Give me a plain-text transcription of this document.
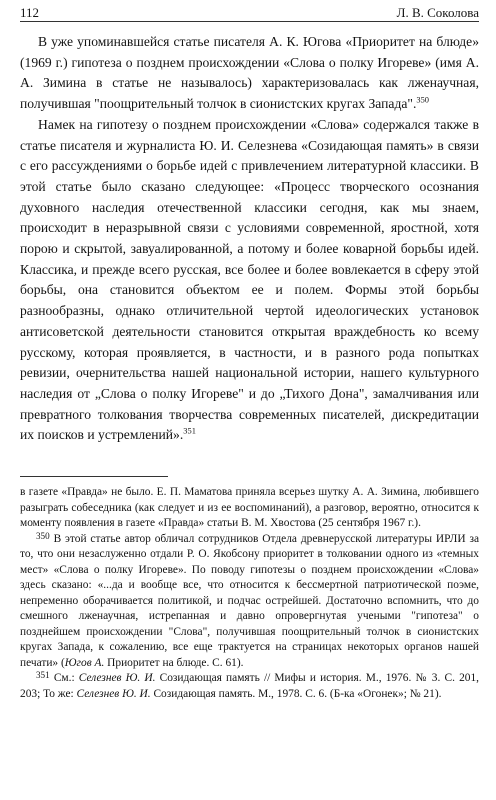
112	Л. В. Соколова

В уже упоминавшейся статье писателя А. К. Югова «Приоритет на блюде» (1969 г.) гипотеза о позднем происхождении «Слова о полку Игореве» (имя А. А. Зимина в статье не называлось) характеризовалась как лженаучная, получившая "поощрительный толчок в сионистских кругах Запада".$^{350}$

Намек на гипотезу о позднем происхождении «Слова» содержался также в статье писателя и журналиста Ю. И. Селезнева «Созидающая память» в связи с его рассуждениями о борьбе идей с привлечением литературной классики. В этой статье было сказано следующее: «Процесс творческого осознания духовного наследия отечественной классики сегодня, как мы знаем, происходит в неразрывной связи с условиями современной, яростной, хотя порою и скрытой, завуалированной, а потому и более коварной борьбы идей. Классика, и прежде всего русская, все более и более вовлекается в сферу этой борьбы, она становится объектом ее и полем. Формы этой борьбы разнообразны, однако отличительной чертой идеологических установок антисоветской деятельности становится открытая враждебность ко всему русскому, которая проявляется, в частности, и в разного рода попытках ревизии, очернительства нашей национальной истории, нашего культурного наследия от „Слова о полку Игореве" и до „Тихого Дона", замалчивания или превратного толкования творчества современных писателей, дискредитации их поисков и устремлений».$^{351}$

в газете «Правда» не было. Е. П. Маматова приняла всерьез шутку А. А. Зимина, любившего разыграть собеседника (как следует и из ее воспоминаний), а разговор, вероятно, относится к моменту появления в газете «Правда» статьи В. М. Хвостова (25 сентября 1967 г.).

$^{350}$ В этой статье автор обличал сотрудников Отдела древнерусской литературы ИРЛИ за то, что они незаслуженно отдали Р. О. Якобсону приоритет в толковании одного из «темных мест» «Слова о полку Игореве». По поводу гипотезы о позднем происхождении «Слова» здесь сказано: «...да и вообще все, что относится к бессмертной патриотической поэме, непременно оборачивается политикой, и подчас острейшей. Достаточно вспомнить, что до смешного лженаучная, истрепанная и давно опровергнутая учеными "гипотеза" о позднейшем происхождении "Слова", получившая поощрительный толчок в сионистских кругах Запада, к сожалению, все еще трактуется на страницах некоторых органов нашей печати» (Югов А. Приоритет на блюде. С. 61).

$^{351}$ См.: Селезнев Ю. И. Созидающая память // Мифы и история. М., 1976. № 3. С. 201, 203; То же: Селезнев Ю. И. Созидающая память. М., 1978. С. 6. (Б-ка «Огонек»; № 21).
